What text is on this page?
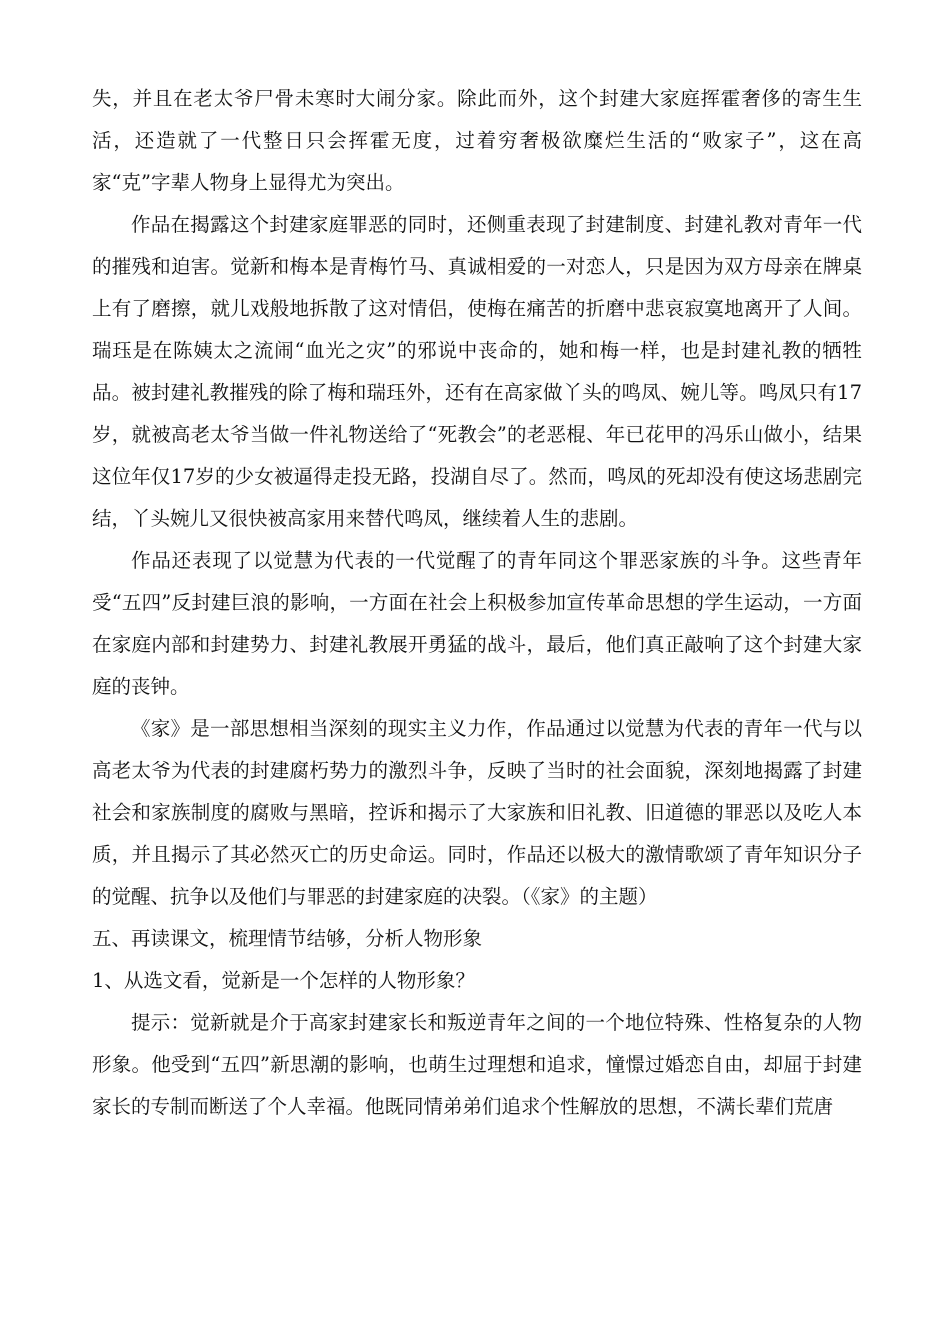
失，并且在老太爷尸骨未寒时大闹分家。除此而外，这个封建大家庭挥霍奢侈的寄生生活，还造就了一代整日只会挥霍无度，过着穷奢极欲糜烂生活的“败家子”，这在高家“克”字辈人物身上显得尤为突出。

作品在揭露这个封建家庭罪恶的同时，还侧重表现了封建制度、封建礼教对青年一代的摧残和迫害。觉新和梅本是青梅竹马、真诚相爱的一对恋人，只是因为双方母亲在牌桌上有了磨擦，就儿戏般地拆散了这对情侣，使梅在痛苦的折磨中悲哀寂寞地离开了人间。瑞珏是在陈姨太之流闹“血光之灾”的邪说中丧命的，她和梅一样，也是封建礼教的牺牲品。被封建礼教摧残的除了梅和瑞珏外，还有在高家做丫头的鸣凤、婉儿等。鸣凤只有17岁，就被高老太爷当做一件礼物送给了“死教会”的老恶棍、年已花甲的冯乐山做小，结果这位年仅17岁的少女被逼得走投无路，投湖自尽了。然而，鸣凤的死却没有使这场悲剧完结，丫头婉儿又很快被高家用来替代鸣凤，继续着人生的悲剧。

作品还表现了以觉慧为代表的一代觉醒了的青年同这个罪恶家族的斗争。这些青年受“五四”反封建巨浪的影响，一方面在社会上积极参加宣传革命思想的学生运动，一方面在家庭内部和封建势力、封建礼教展开勇猛的战斗，最后，他们真正敲响了这个封建大家庭的丧钟。

《家》是一部思想相当深刻的现实主义力作，作品通过以觉慧为代表的青年一代与以高老太爷为代表的封建腐朽势力的激烈斗争，反映了当时的社会面貌，深刻地揭露了封建社会和家族制度的腐败与黑暗，控诉和揭示了大家族和旧礼教、旧道德的罪恶以及吃人本质，并且揭示了其必然灭亡的历史命运。同时，作品还以极大的激情歌颂了青年知识分子的觉醒、抗争以及他们与罪恶的封建家庭的决裂。（《家》的主题）

五、再读课文，梳理情节结够，分析人物形象

1、从选文看，觉新是一个怎样的人物形象？

提示：觉新就是介于高家封建家长和叛逆青年之间的一个地位特殊、性格复杂的人物形象。他受到“五四”新思潮的影响，也萌生过理想和追求，憧憬过婚恋自由，却屈于封建家长的专制而断送了个人幸福。他既同情弟弟们追求个性解放的思想，不满长辈们荒唐
